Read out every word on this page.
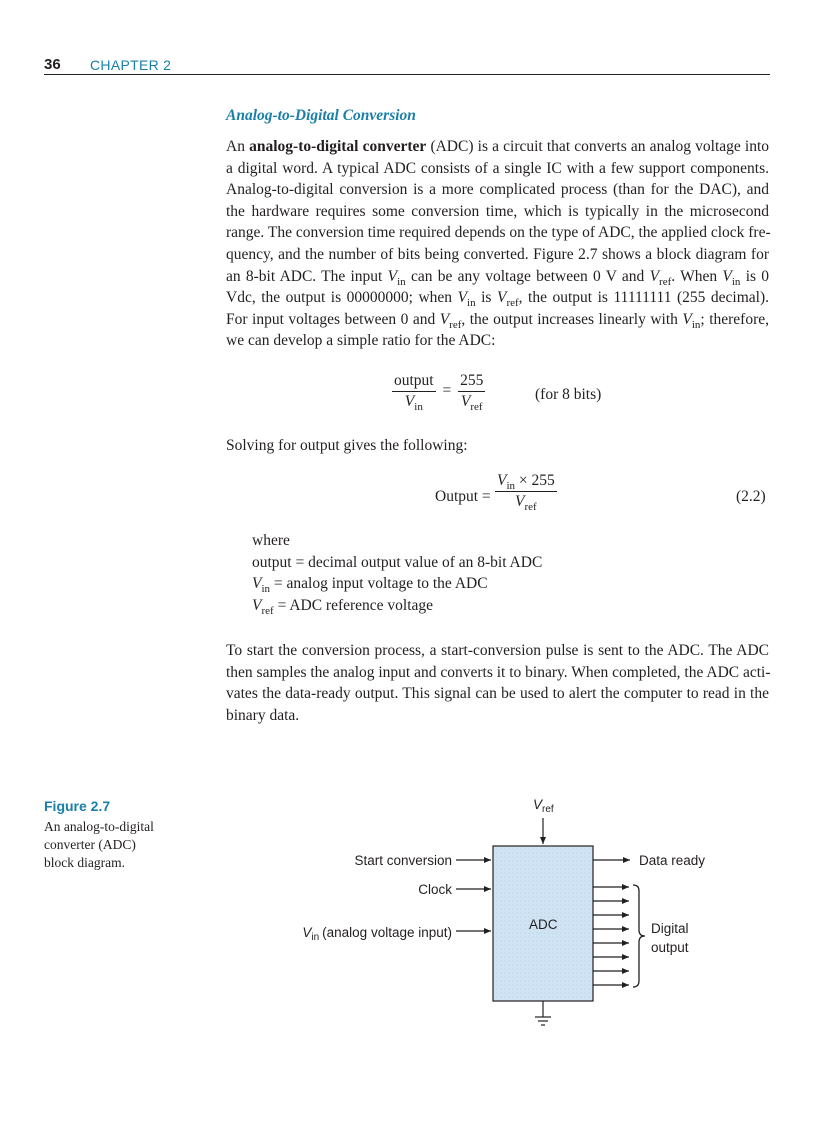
36 CHAPTER 2
Analog-to-Digital Conversion
An analog-to-digital converter (ADC) is a circuit that converts an analog voltage into
a digital word. A typical ADC consists of a single IC with a few support components.
Analog-to-digital conversion is a more complicated process (than for the DAC), and
the hardware requires some conversion time, which is typically in the microsecond
range. The conversion time required depends on the type of ADC, the applied clock fre-
quency, and the number of bits being converted. Figure 2.7 shows a block diagram for
an 8-bit ADC. The input $V_{in}$ can be any voltage between 0 V and $V_{ref}$. When $V_{in}$ is 0
Vdc, the output is 00000000; when $V_{in}$ is $V_{ref}$, the output is 11111111 (255 decimal).
For input voltages between 0 and $V_{ref}$, the output increases linearly with $V_{in}$; therefore,
we can develop a simple ratio for the ADC:
$\frac{\text{output}}{V_{in}} = \frac{255}{V_{ref}}$	(for 8 bits)
Solving for output gives the following:
Output = $\frac{V_{in} \times 255}{V_{ref}}$	(2.2)
where
output = decimal output value of an 8-bit ADC
$V_{in} = analog$ input voltage to the ADC
$V_{ref}$ = ADC reference voltage
To start the conversion process, a start-conversion pulse is sent to the ADC. The ADC
then samples the analog input and converts it to binary. When completed, the ADC acti-
vates the data-ready output. This signal can be used to alert the computer to read in the
binary data.
Figure 2.7
An analog-to-digital
converter (ADC)
block diagram.
$V_{ref}$
ADC
Start conversion
Clock
$V_{in}$ (analog voltage input)
Data ready
Digital
output
